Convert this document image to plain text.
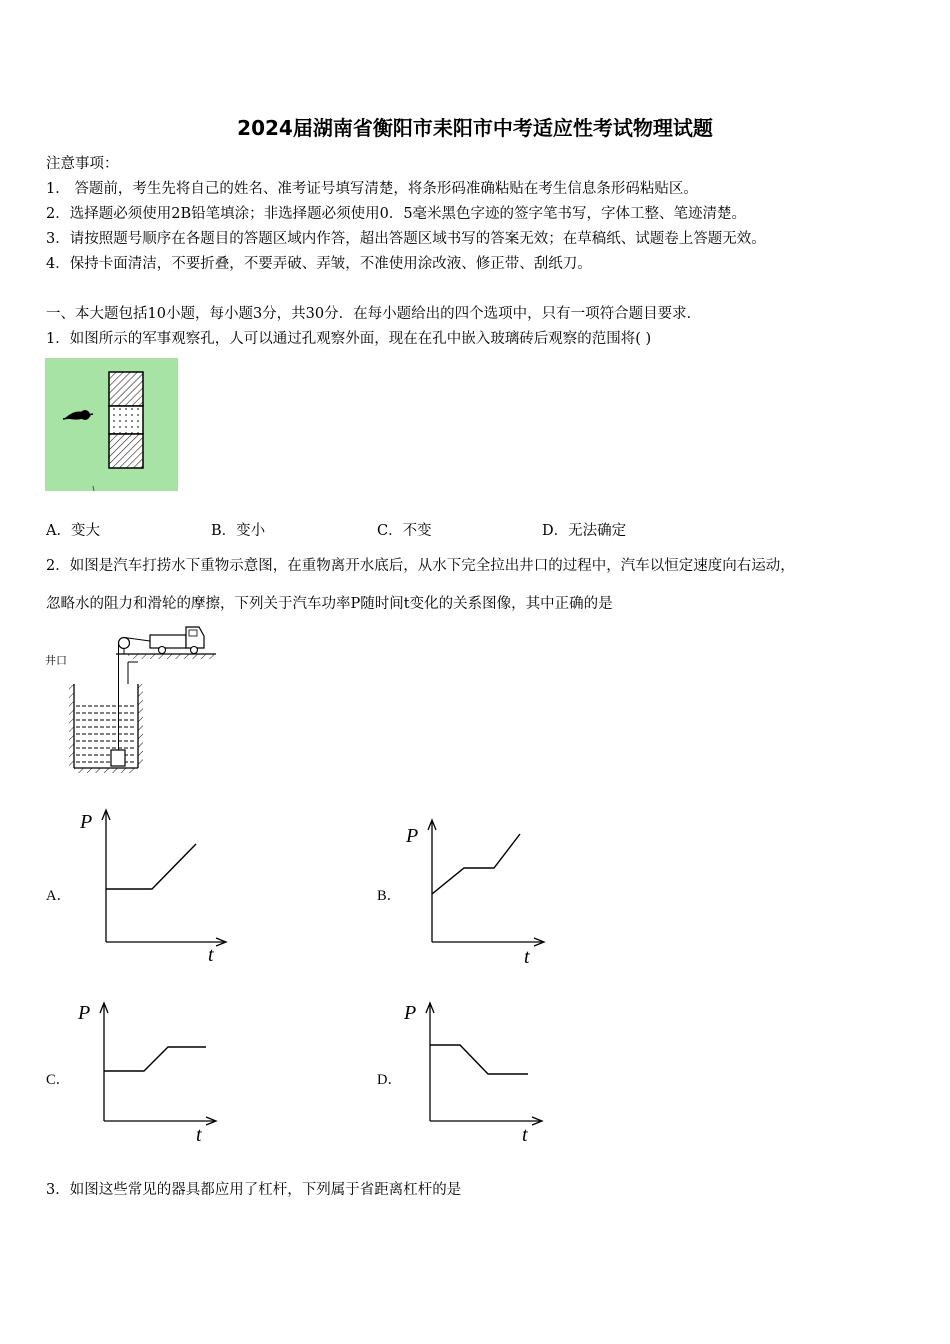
2024届湖南省衡阳市耒阳市中考适应性考试物理试题
注意事项：
1． 答题前，考生先将自己的姓名、准考证号填写清楚，将条形码准确粘贴在考生信息条形码粘贴区。
2．选择题必须使用2B铅笔填涂；非选择题必须使用0．5毫米黑色字迹的签字笔书写，字体工整、笔迹清楚。
3．请按照题号顺序在各题目的答题区域内作答，超出答题区域书写的答案无效；在草稿纸、试题卷上答题无效。
4．保持卡面清洁，不要折叠，不要弄破、弄皱，不准使用涂改液、修正带、刮纸刀。
一、本大题包括10小题，每小题3分，共30分．在每小题给出的四个选项中，只有一项符合题目要求．
1．如图所示的军事观察孔，人可以通过孔观察外面，现在在孔中嵌入玻璃砖后观察的范围将( )
A．变大	B．变小	C．不变	D．无法确定
2．如图是汽车打捞水下重物示意图，在重物离开水底后，从水下完全拉出井口的过程中，汽车以恒定速度向右运动，
忽略水的阻力和滑轮的摩擦，下列关于汽车功率P随时间t变化的关系图像，其中正确的是
井口
P
t
A．
P
t
B．
P
t
C．
P
t
D．
3．如图这些常见的器具都应用了杠杆，下列属于省距离杠杆的是
